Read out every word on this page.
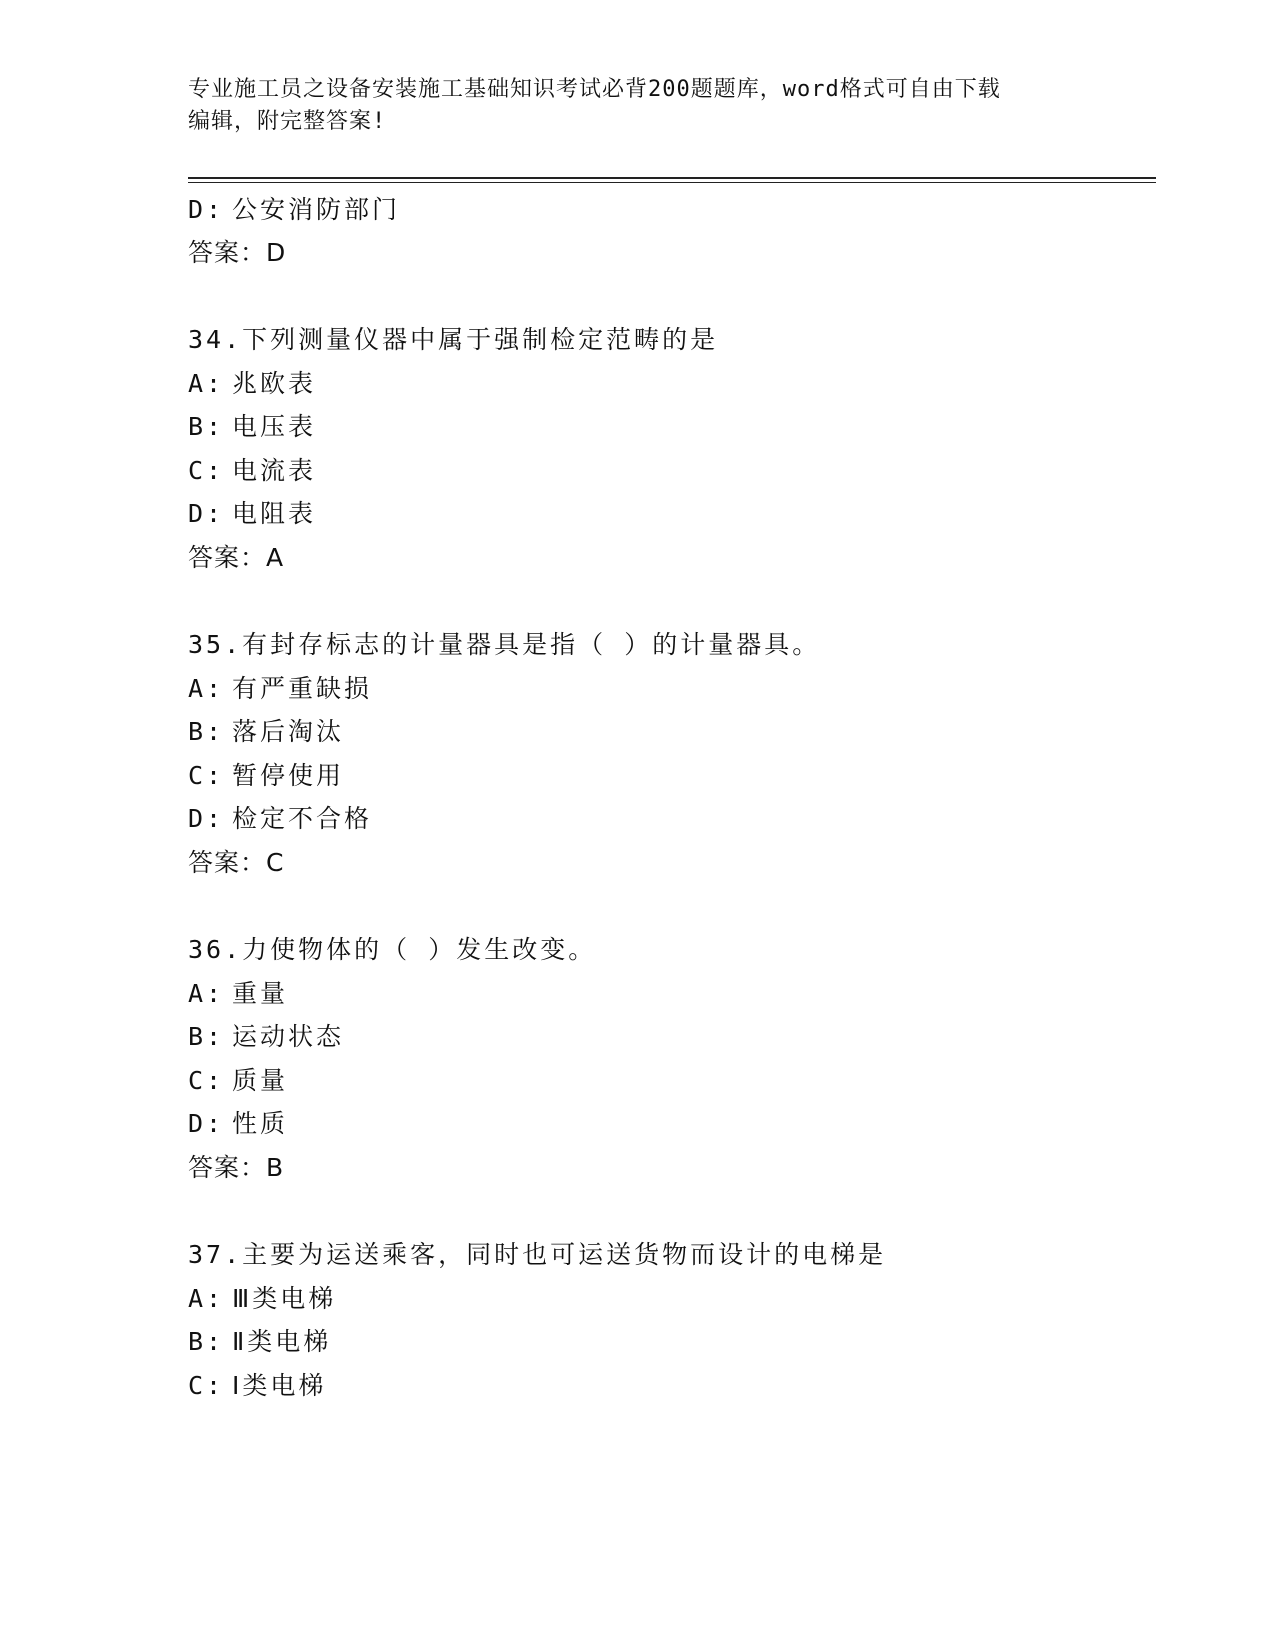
专业施工员之设备安装施工基础知识考试必背200题题库，word格式可自由下载
编辑，附完整答案!
D: 公安消防部门
答案：D
34.下列测量仪器中属于强制检定范畴的是
A: 兆欧表
B: 电压表
C: 电流表
D: 电阻表
答案：A
35.有封存标志的计量器具是指（ ）的计量器具。
A: 有严重缺损
B: 落后淘汰
C: 暂停使用
D: 检定不合格
答案：C
36.力使物体的（ ）发生改变。
A: 重量
B: 运动状态
C: 质量
D: 性质
答案：B
37.主要为运送乘客，同时也可运送货物而设计的电梯是
A: Ⅲ类电梯
B: Ⅱ类电梯
C: Ⅰ类电梯
